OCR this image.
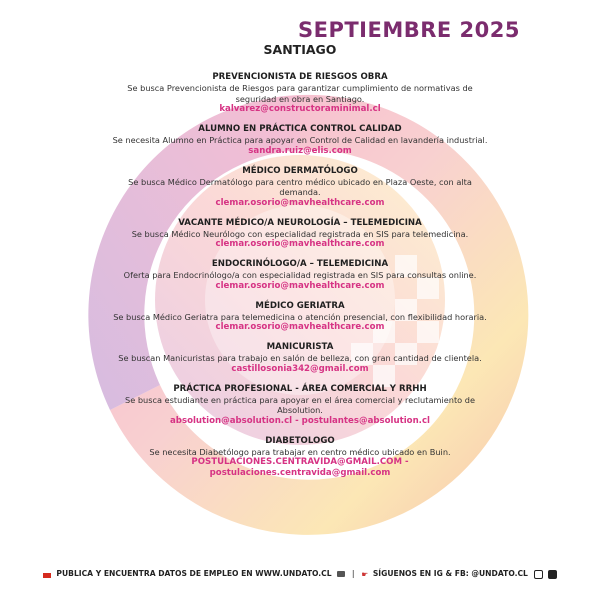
SEPTIEMBRE 2025
SANTIAGO
PREVENCIONISTA DE RIESGOS OBRA
Se busca Prevencionista de Riesgos para garantizar cumplimiento de normativas de
seguridad en obra en Santiago.
kalvarez@constructoraminimal.cl
ALUMNO EN PRÁCTICA CONTROL CALIDAD
Se necesita Alumno en Práctica para apoyar en Control de Calidad en lavandería industrial.
sandra.ruiz@elis.com
MÉDICO DERMATÓLOGO
Se busca Médico Dermatólogo para centro médico ubicado en Plaza Oeste, con alta
demanda.
clemar.osorio@mavhealthcare.com
VACANTE MÉDICO/A NEUROLOGÍA – TELEMEDICINA
Se busca Médico Neurólogo con especialidad registrada en SIS para telemedicina.
clemar.osorio@mavhealthcare.com
ENDOCRINÓLOGO/A – TELEMEDICINA
Oferta para Endocrinólogo/a con especialidad registrada en SIS para consultas online.
clemar.osorio@mavhealthcare.com
MÉDICO GERIATRA
Se busca Médico Geriatra para telemedicina o atención presencial, con flexibilidad horaria.
clemar.osorio@mavhealthcare.com
MANICURISTA
Se buscan Manicuristas para trabajo en salón de belleza, con gran cantidad de clientela.
castillosonia342@gmail.com
PRÁCTICA PROFESIONAL - ÁREA COMERCIAL Y RRHH
Se busca estudiante en práctica para apoyar en el área comercial y reclutamiento de
Absolution.
absolution@absolution.cl - postulantes@absolution.cl
DIABETOLOGO
Se necesita Diabetólogo para trabajar en centro médico ubicado en Buin.
POSTULACIONES.CENTRAVIDA@GMAIL.COM -
postulaciones.centravida@gmail.com
PUBLICA Y ENCUENTRA DATOS DE EMPLEO EN WWW.UNDATO.CL	| ☛ SÍGUENOS EN IG & FB: @UNDATO.CL
